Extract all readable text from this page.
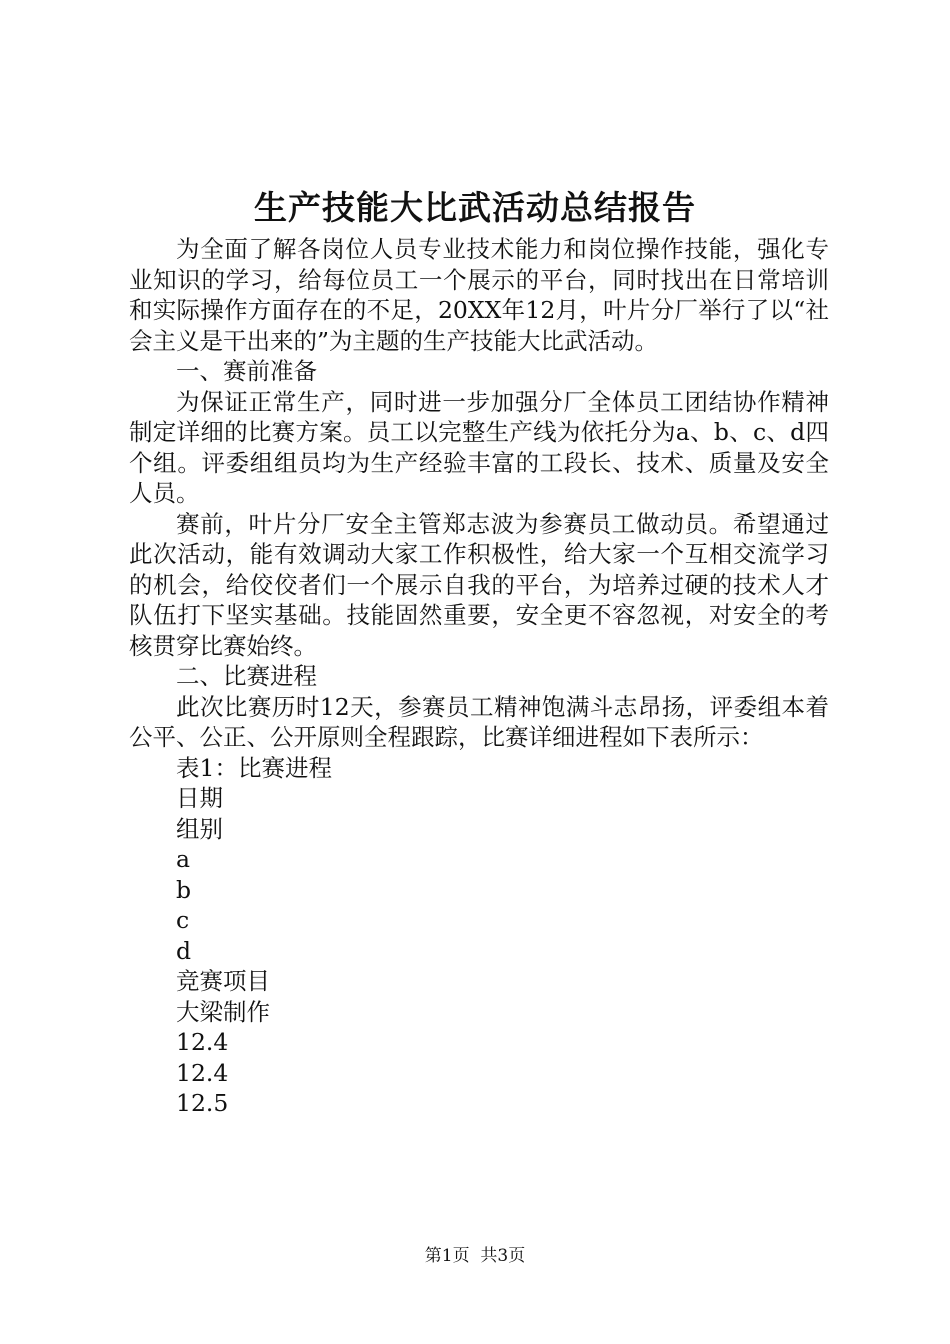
生产技能大比武活动总结报告

为全面了解各岗位人员专业技术能力和岗位操作技能，强化专业知识的学习，给每位员工一个展示的平台，同时找出在日常培训和实际操作方面存在的不足，20XX年12月，叶片分厂举行了以“社会主义是干出来的”为主题的生产技能大比武活动。

一、赛前准备

为保证正常生产，同时进一步加强分厂全体员工团结协作精神制定详细的比赛方案。员工以完整生产线为依托分为a、b、c、d四个组。评委组组员均为生产经验丰富的工段长、技术、质量及安全人员。

赛前，叶片分厂安全主管郑志波为参赛员工做动员。希望通过此次活动，能有效调动大家工作积极性，给大家一个互相交流学习的机会，给佼佼者们一个展示自我的平台，为培养过硬的技术人才队伍打下坚实基础。技能固然重要，安全更不容忽视，对安全的考核贯穿比赛始终。

二、比赛进程

此次比赛历时12天，参赛员工精神饱满斗志昂扬，评委组本着公平、公正、公开原则全程跟踪，比赛详细进程如下表所示：

表1：比赛进程
日期
组别
a
b
c
d
竞赛项目
大梁制作
12.4
12.4
12.5
第1页  共3页
